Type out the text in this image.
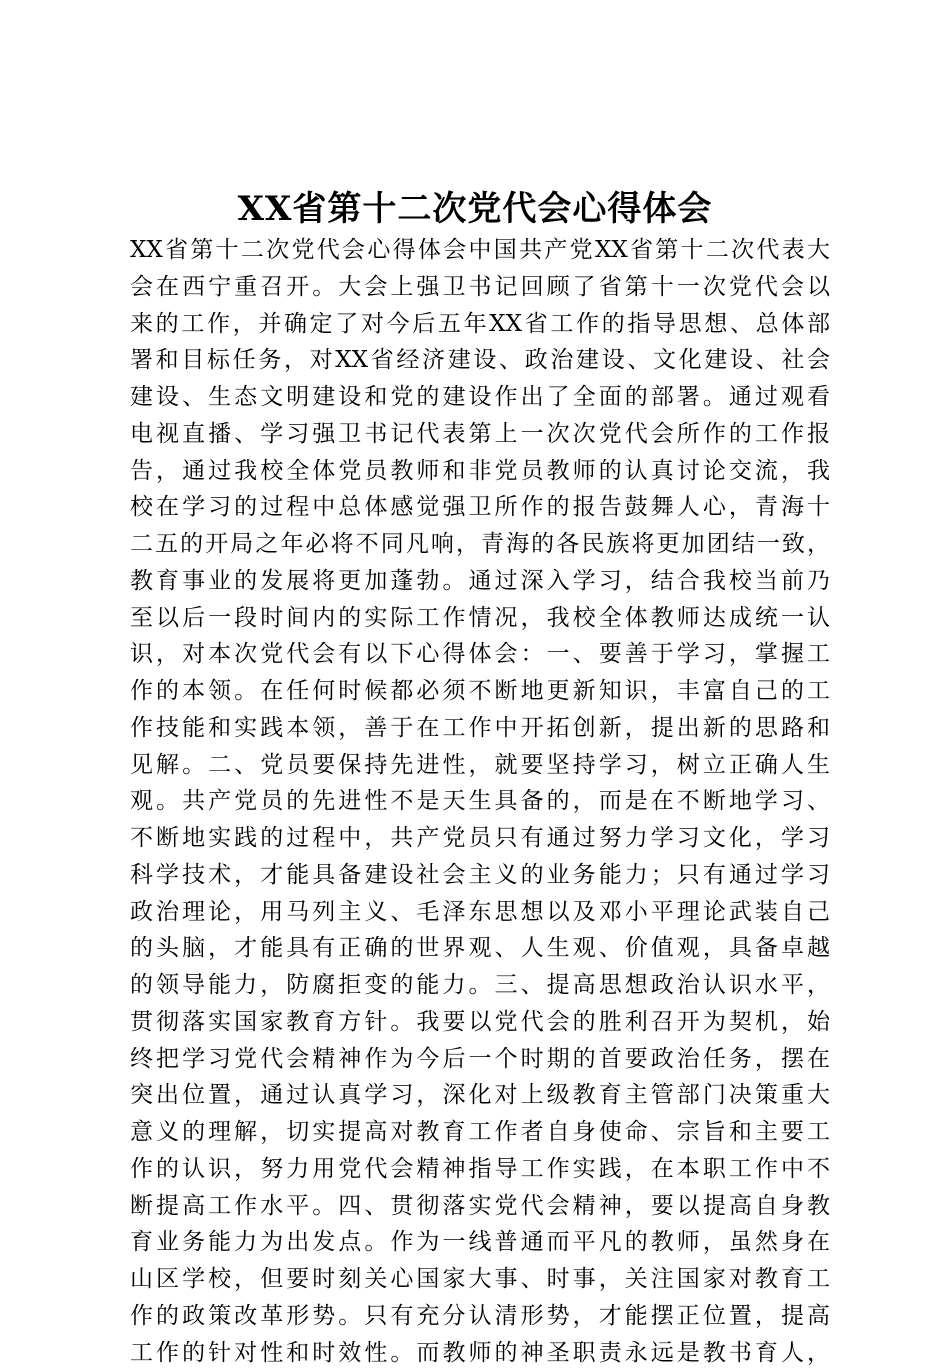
XX省第十二次党代会心得体会
XX省第十二次党代会心得体会中国共产党XX省第十二次代表大
会在西宁重召开。大会上强卫书记回顾了省第十一次党代会以
来的工作，并确定了对今后五年XX省工作的指导思想、总体部
署和目标任务，对XX省经济建设、政治建设、文化建设、社会
建设、生态文明建设和党的建设作出了全面的部署。通过观看
电视直播、学习强卫书记代表第上一次次党代会所作的工作报
告，通过我校全体党员教师和非党员教师的认真讨论交流，我
校在学习的过程中总体感觉强卫所作的报告鼓舞人心，青海十
二五的开局之年必将不同凡响，青海的各民族将更加团结一致，
教育事业的发展将更加蓬勃。通过深入学习，结合我校当前乃
至以后一段时间内的实际工作情况，我校全体教师达成统一认
识，对本次党代会有以下心得体会：一、要善于学习，掌握工
作的本领。在任何时候都必须不断地更新知识，丰富自己的工
作技能和实践本领，善于在工作中开拓创新，提出新的思路和
见解。二、党员要保持先进性，就要坚持学习，树立正确人生
观。共产党员的先进性不是天生具备的，而是在不断地学习、
不断地实践的过程中，共产党员只有通过努力学习文化，学习
科学技术，才能具备建设社会主义的业务能力；只有通过学习
政治理论，用马列主义、毛泽东思想以及邓小平理论武装自己
的头脑，才能具有正确的世界观、人生观、价值观，具备卓越
的领导能力，防腐拒变的能力。三、提高思想政治认识水平，
贯彻落实国家教育方针。我要以党代会的胜利召开为契机，始
终把学习党代会精神作为今后一个时期的首要政治任务，摆在
突出位置，通过认真学习，深化对上级教育主管部门决策重大
意义的理解，切实提高对教育工作者自身使命、宗旨和主要工
作的认识，努力用党代会精神指导工作实践，在本职工作中不
断提高工作水平。四、贯彻落实党代会精神，要以提高自身教
育业务能力为出发点。作为一线普通而平凡的教师，虽然身在
山区学校，但要时刻关心国家大事、时事，关注国家对教育工
作的政策改革形势。只有充分认清形势，才能摆正位置，提高
工作的针对性和时效性。而教师的神圣职责永远是教书育人，
